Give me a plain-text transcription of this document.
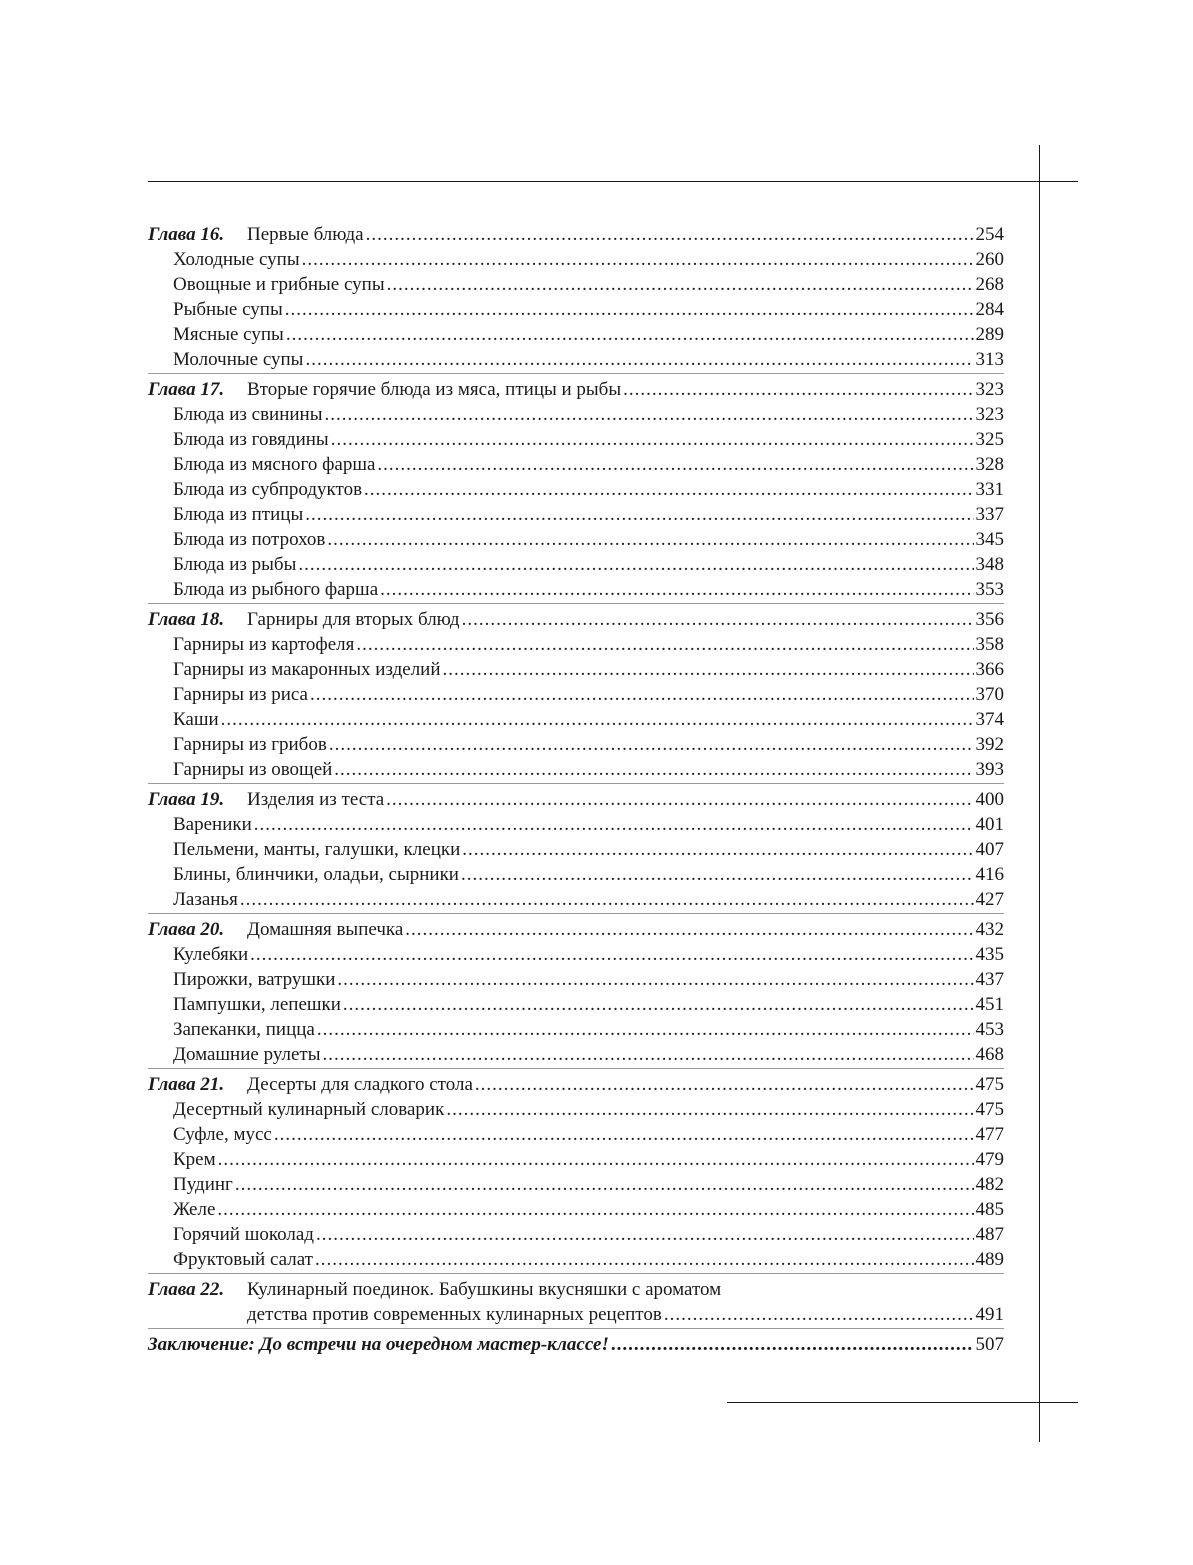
Глава 16.	Первые блюда .....	254
Холодные супы .....	260
Овощные и грибные супы .....	268
Рыбные супы .....	284
Мясные супы .....	289
Молочные супы .....	313
Глава 17.	Вторые горячие блюда из мяса, птицы и рыбы .....	323
Блюда из свинины .....	323
Блюда из говядины .....	325
Блюда из мясного фарша .....	328
Блюда из субпродуктов .....	331
Блюда из птицы .....	337
Блюда из потрохов .....	345
Блюда из рыбы .....	348
Блюда из рыбного фарша .....	353
Глава 18.	Гарниры для вторых блюд .....	356
Гарниры из картофеля .....	358
Гарниры из макаронных изделий .....	366
Гарниры из риса .....	370
Каши .....	374
Гарниры из грибов .....	392
Гарниры из овощей .....	393
Глава 19.	Изделия из теста .....	400
Вареники .....	401
Пельмени, манты, галушки, клецки .....	407
Блины, блинчики, оладьи, сырники .....	416
Лазанья .....	427
Глава 20.	Домашняя выпечка .....	432
Кулебяки .....	435
Пирожки, ватрушки .....	437
Пампушки, лепешки .....	451
Запеканки, пицца .....	453
Домашние рулеты .....	468
Глава 21.	Десерты для сладкого стола .....	475
Десертный кулинарный словарик .....	475
Суфле, мусс .....	477
Крем .....	479
Пудинг .....	482
Желе .....	485
Горячий шоколад .....	487
Фруктовый салат .....	489
Глава 22.	Кулинарный поединок. Бабушкины вкусняшки с ароматом
детства против современных кулинарных рецептов .....	491
Заключение: До встречи на очередном мастер-классе! .....	507
